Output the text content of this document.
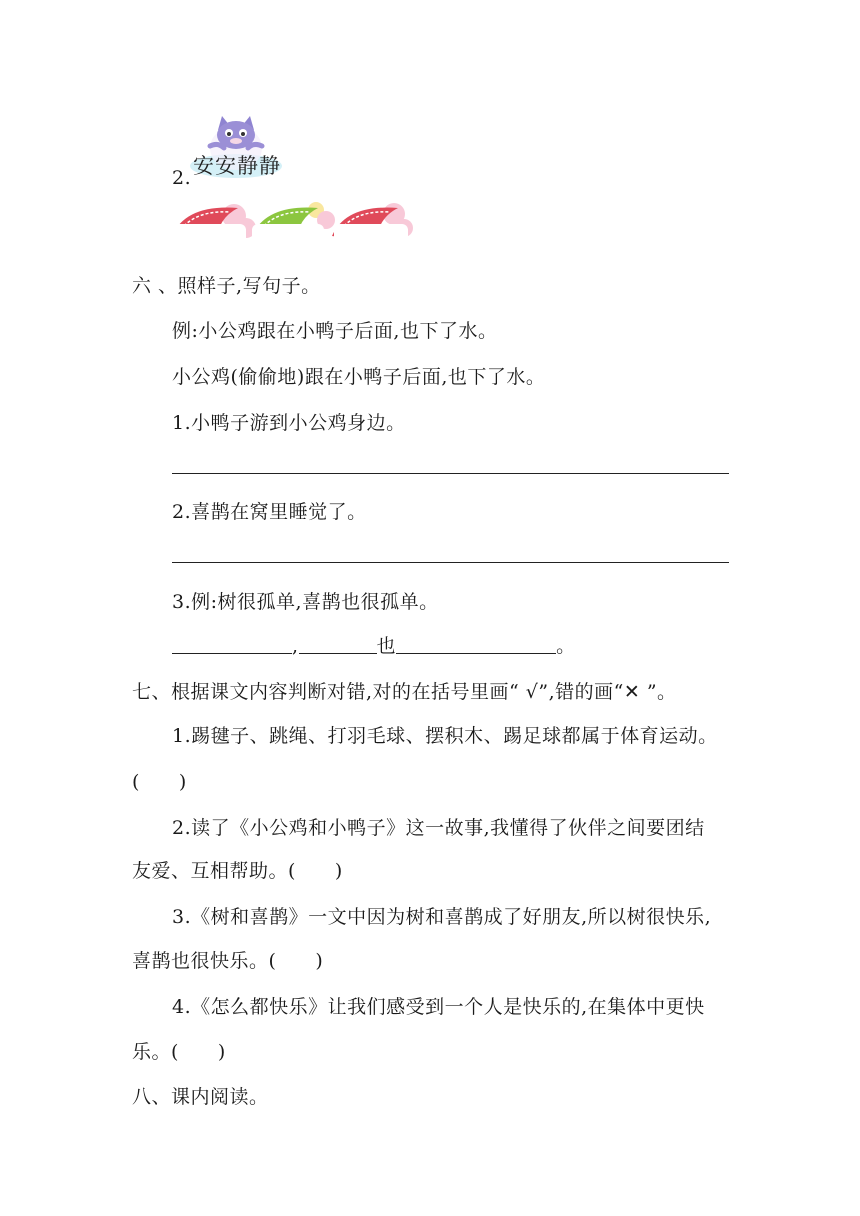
2. 安安静静
六 、照样子,写句子。
例:小公鸡跟在小鸭子后面,也下了水。
小公鸡(偷偷地)跟在小鸭子后面,也下了水。
1.小鸭子游到小公鸡身边。
2.喜鹊在窝里睡觉了。
3.例:树很孤单,喜鹊也很孤单。
,	也	。
七、根据课文内容判断对错,对的在括号里画“ √”,错的画“✕ ”。
1.踢毽子、跳绳、打羽毛球、摆积木、踢足球都属于体育运动。
(　　)
2.读了《小公鸡和小鸭子》这一故事,我懂得了伙伴之间要团结
友爱、互相帮助。(　　)
3.《树和喜鹊》一文中因为树和喜鹊成了好朋友,所以树很快乐,
喜鹊也很快乐。(　　)
4.《怎么都快乐》让我们感受到一个人是快乐的,在集体中更快
乐。(　　)
八、课内阅读。
